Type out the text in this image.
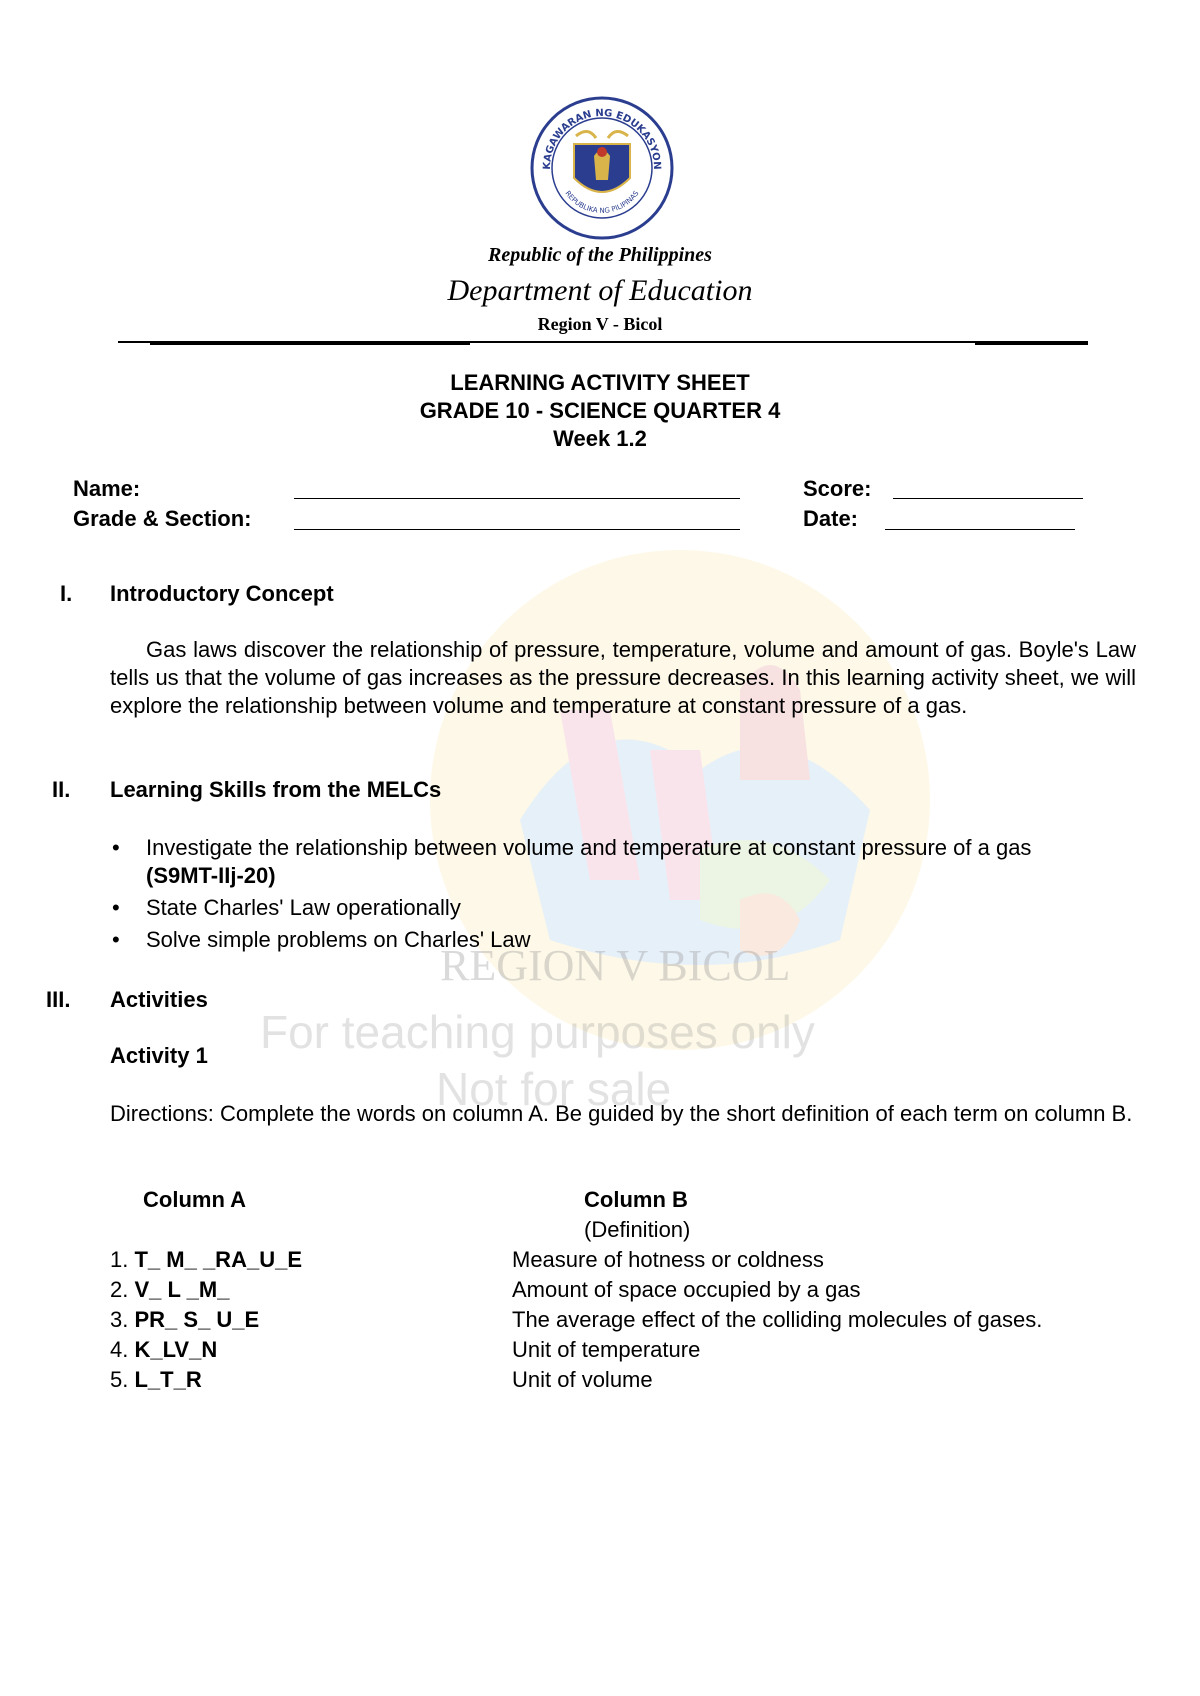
REGION V BICOL
For teaching purposes only
Not for sale
KAGAWARAN NG EDUKASYON
REPUBLIKA NG PILIPINAS
Republic of the Philippines
Department of Education
Region V - Bicol
LEARNING ACTIVITY SHEET
GRADE 10 - SCIENCE QUARTER 4
Week 1.2
Name:	Score:
Grade & Section:	Date:
I. Introductory Concept
Gas laws discover the relationship of pressure, temperature, volume and amount of gas. Boyle's Law tells us that the volume of gas increases as the pressure decreases. In this learning activity sheet, we will explore the relationship between volume and temperature at constant pressure of a gas.
II. Learning Skills from the MELCs
• Investigate the relationship between volume and temperature at constant pressure of a gas
(S9MT-IIj-20)
• State Charles' Law operationally
• Solve simple problems on Charles' Law
III. Activities
Activity 1
Directions: Complete the words on column A. Be guided by the short definition of each term on column B.
Column A	Column B
(Definition)
1. T_ M_ _RA_U_E	Measure of hotness or coldness
2. V_ L _M_	Amount of space occupied by a gas
3. PR_ S_ U_E	The average effect of the colliding molecules of gases.
4. K_LV_N	Unit of temperature
5. L_T_R	Unit of volume
